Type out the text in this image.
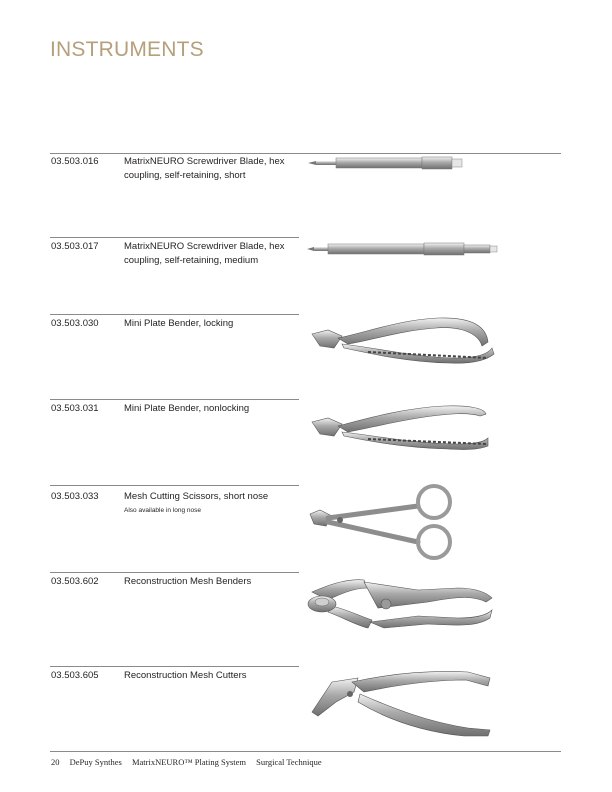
INSTRUMENTS
03.503.016	MatrixNEURO Screwdriver Blade, hex coupling, self-retaining, short
03.503.017	MatrixNEURO Screwdriver Blade, hex coupling, self-retaining, medium
03.503.030	Mini Plate Bender, locking
03.503.031	Mini Plate Bender, nonlocking
03.503.033	Mesh Cutting Scissors, short nose
Also available in long nose
03.503.602	Reconstruction Mesh Benders
03.503.605	Reconstruction Mesh Cutters
20 DePuy Synthes MatrixNEURO™ Plating System Surgical Technique
